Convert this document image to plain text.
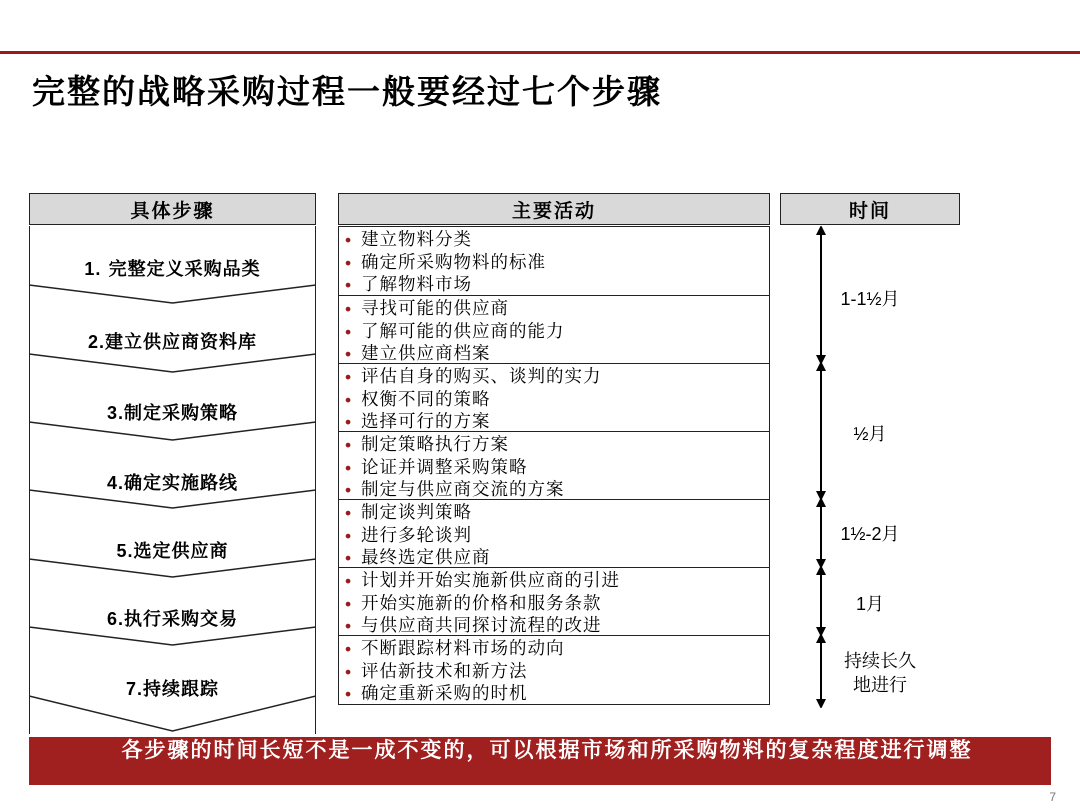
完整的战略采购过程一般要经过七个步骤
具体步骤	主要活动	时间
1. 完整定义采购品类
2.建立供应商资料库
3.制定采购策略
4.确定实施路线
5.选定供应商
6.执行采购交易
7.持续跟踪
• 建立物料分类
• 确定所采购物料的标准
• 了解物料市场
• 寻找可能的供应商
• 了解可能的供应商的能力
• 建立供应商档案
• 评估自身的购买、谈判的实力
• 权衡不同的策略
• 选择可行的方案
• 制定策略执行方案
• 论证并调整采购策略
• 制定与供应商交流的方案
• 制定谈判策略
• 进行多轮谈判
• 最终选定供应商
• 计划并开始实施新供应商的引进
• 开始实施新的价格和服务条款
• 与供应商共同探讨流程的改进
• 不断跟踪材料市场的动向
• 评估新技术和新方法
• 确定重新采购的时机
1-1½月
½月
1½-2月
1月
持续长久地进行
各步骤的时间长短不是一成不变的，可以根据市场和所采购物料的复杂程度进行调整
7
